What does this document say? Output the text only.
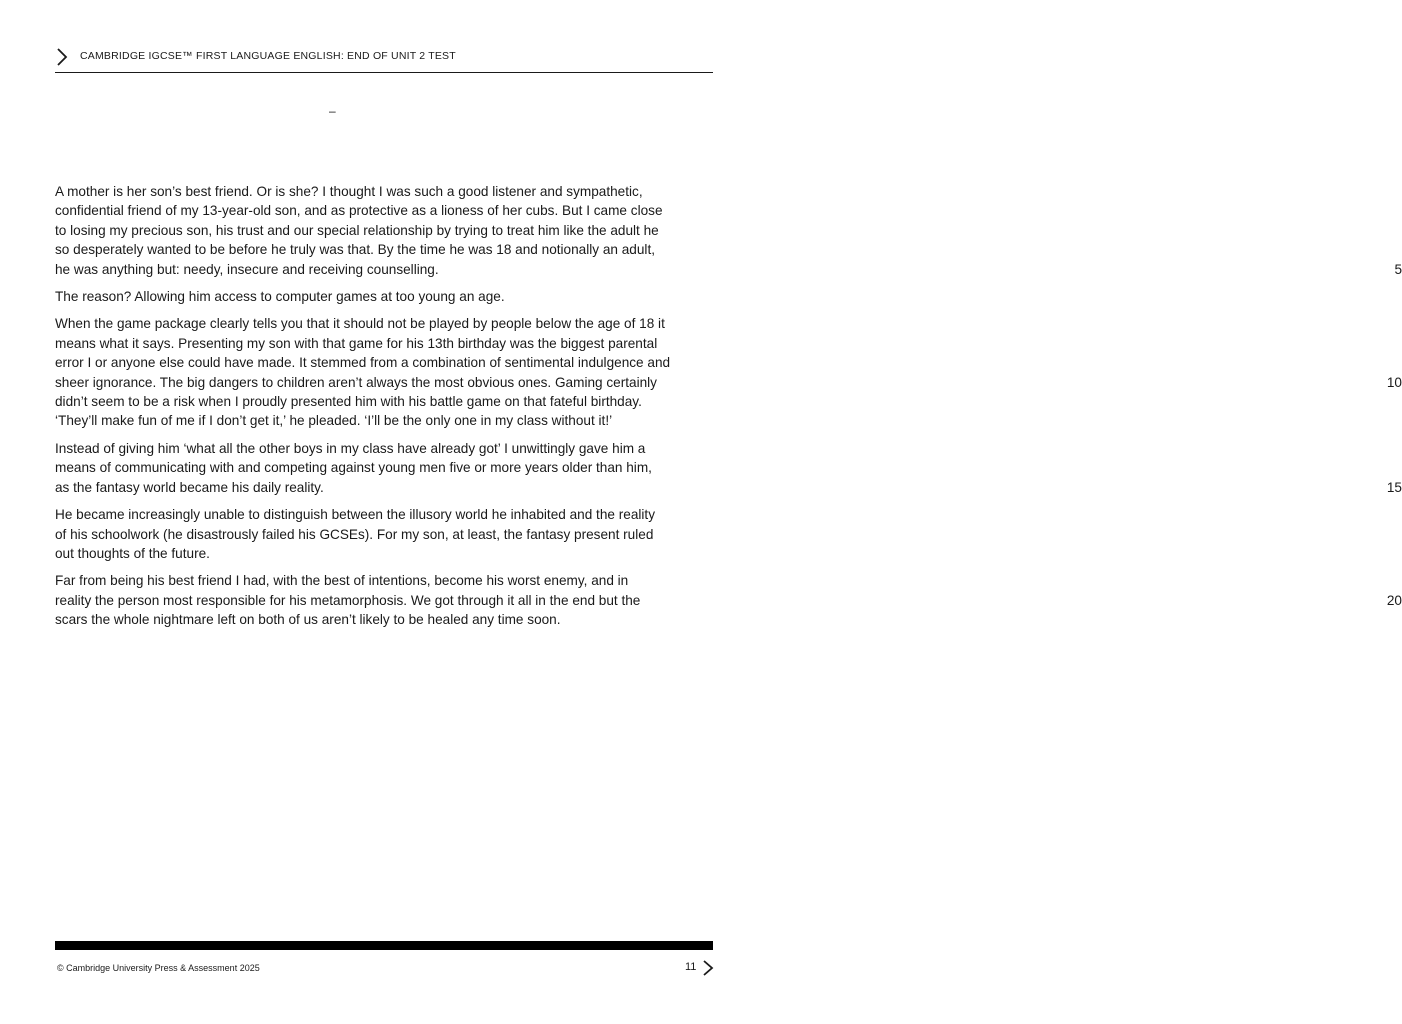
CAMBRIDGE IGCSE™ FIRST LANGUAGE ENGLISH: END OF UNIT 2 TEST
–
A mother is her son’s best friend. Or is she? I thought I was such a good listener and sympathetic,
confidential friend of my 13-year-old son, and as protective as a lioness of her cubs. But I came close
to losing my precious son, his trust and our special relationship by trying to treat him like the adult he
so desperately wanted to be before he truly was that. By the time he was 18 and notionally an adult,
he was anything but: needy, insecure and receiving counselling.	5
The reason? Allowing him access to computer games at too young an age.
When the game package clearly tells you that it should not be played by people below the age of 18 it
means what it says. Presenting my son with that game for his 13th birthday was the biggest parental
error I or anyone else could have made. It stemmed from a combination of sentimental indulgence and
sheer ignorance. The big dangers to children aren’t always the most obvious ones. Gaming certainly	10
didn’t seem to be a risk when I proudly presented him with his battle game on that fateful birthday.
‘They’ll make fun of me if I don’t get it,’ he pleaded. ‘I’ll be the only one in my class without it!’
Instead of giving him ‘what all the other boys in my class have already got’ I unwittingly gave him a
means of communicating with and competing against young men five or more years older than him,
as the fantasy world became his daily reality.	15
He became increasingly unable to distinguish between the illusory world he inhabited and the reality
of his schoolwork (he disastrously failed his GCSEs). For my son, at least, the fantasy present ruled
out thoughts of the future.
Far from being his best friend I had, with the best of intentions, become his worst enemy, and in
reality the person most responsible for his metamorphosis. We got through it all in the end but the	20
scars the whole nightmare left on both of us aren’t likely to be healed any time soon.
© Cambridge University Press & Assessment 2025	11
